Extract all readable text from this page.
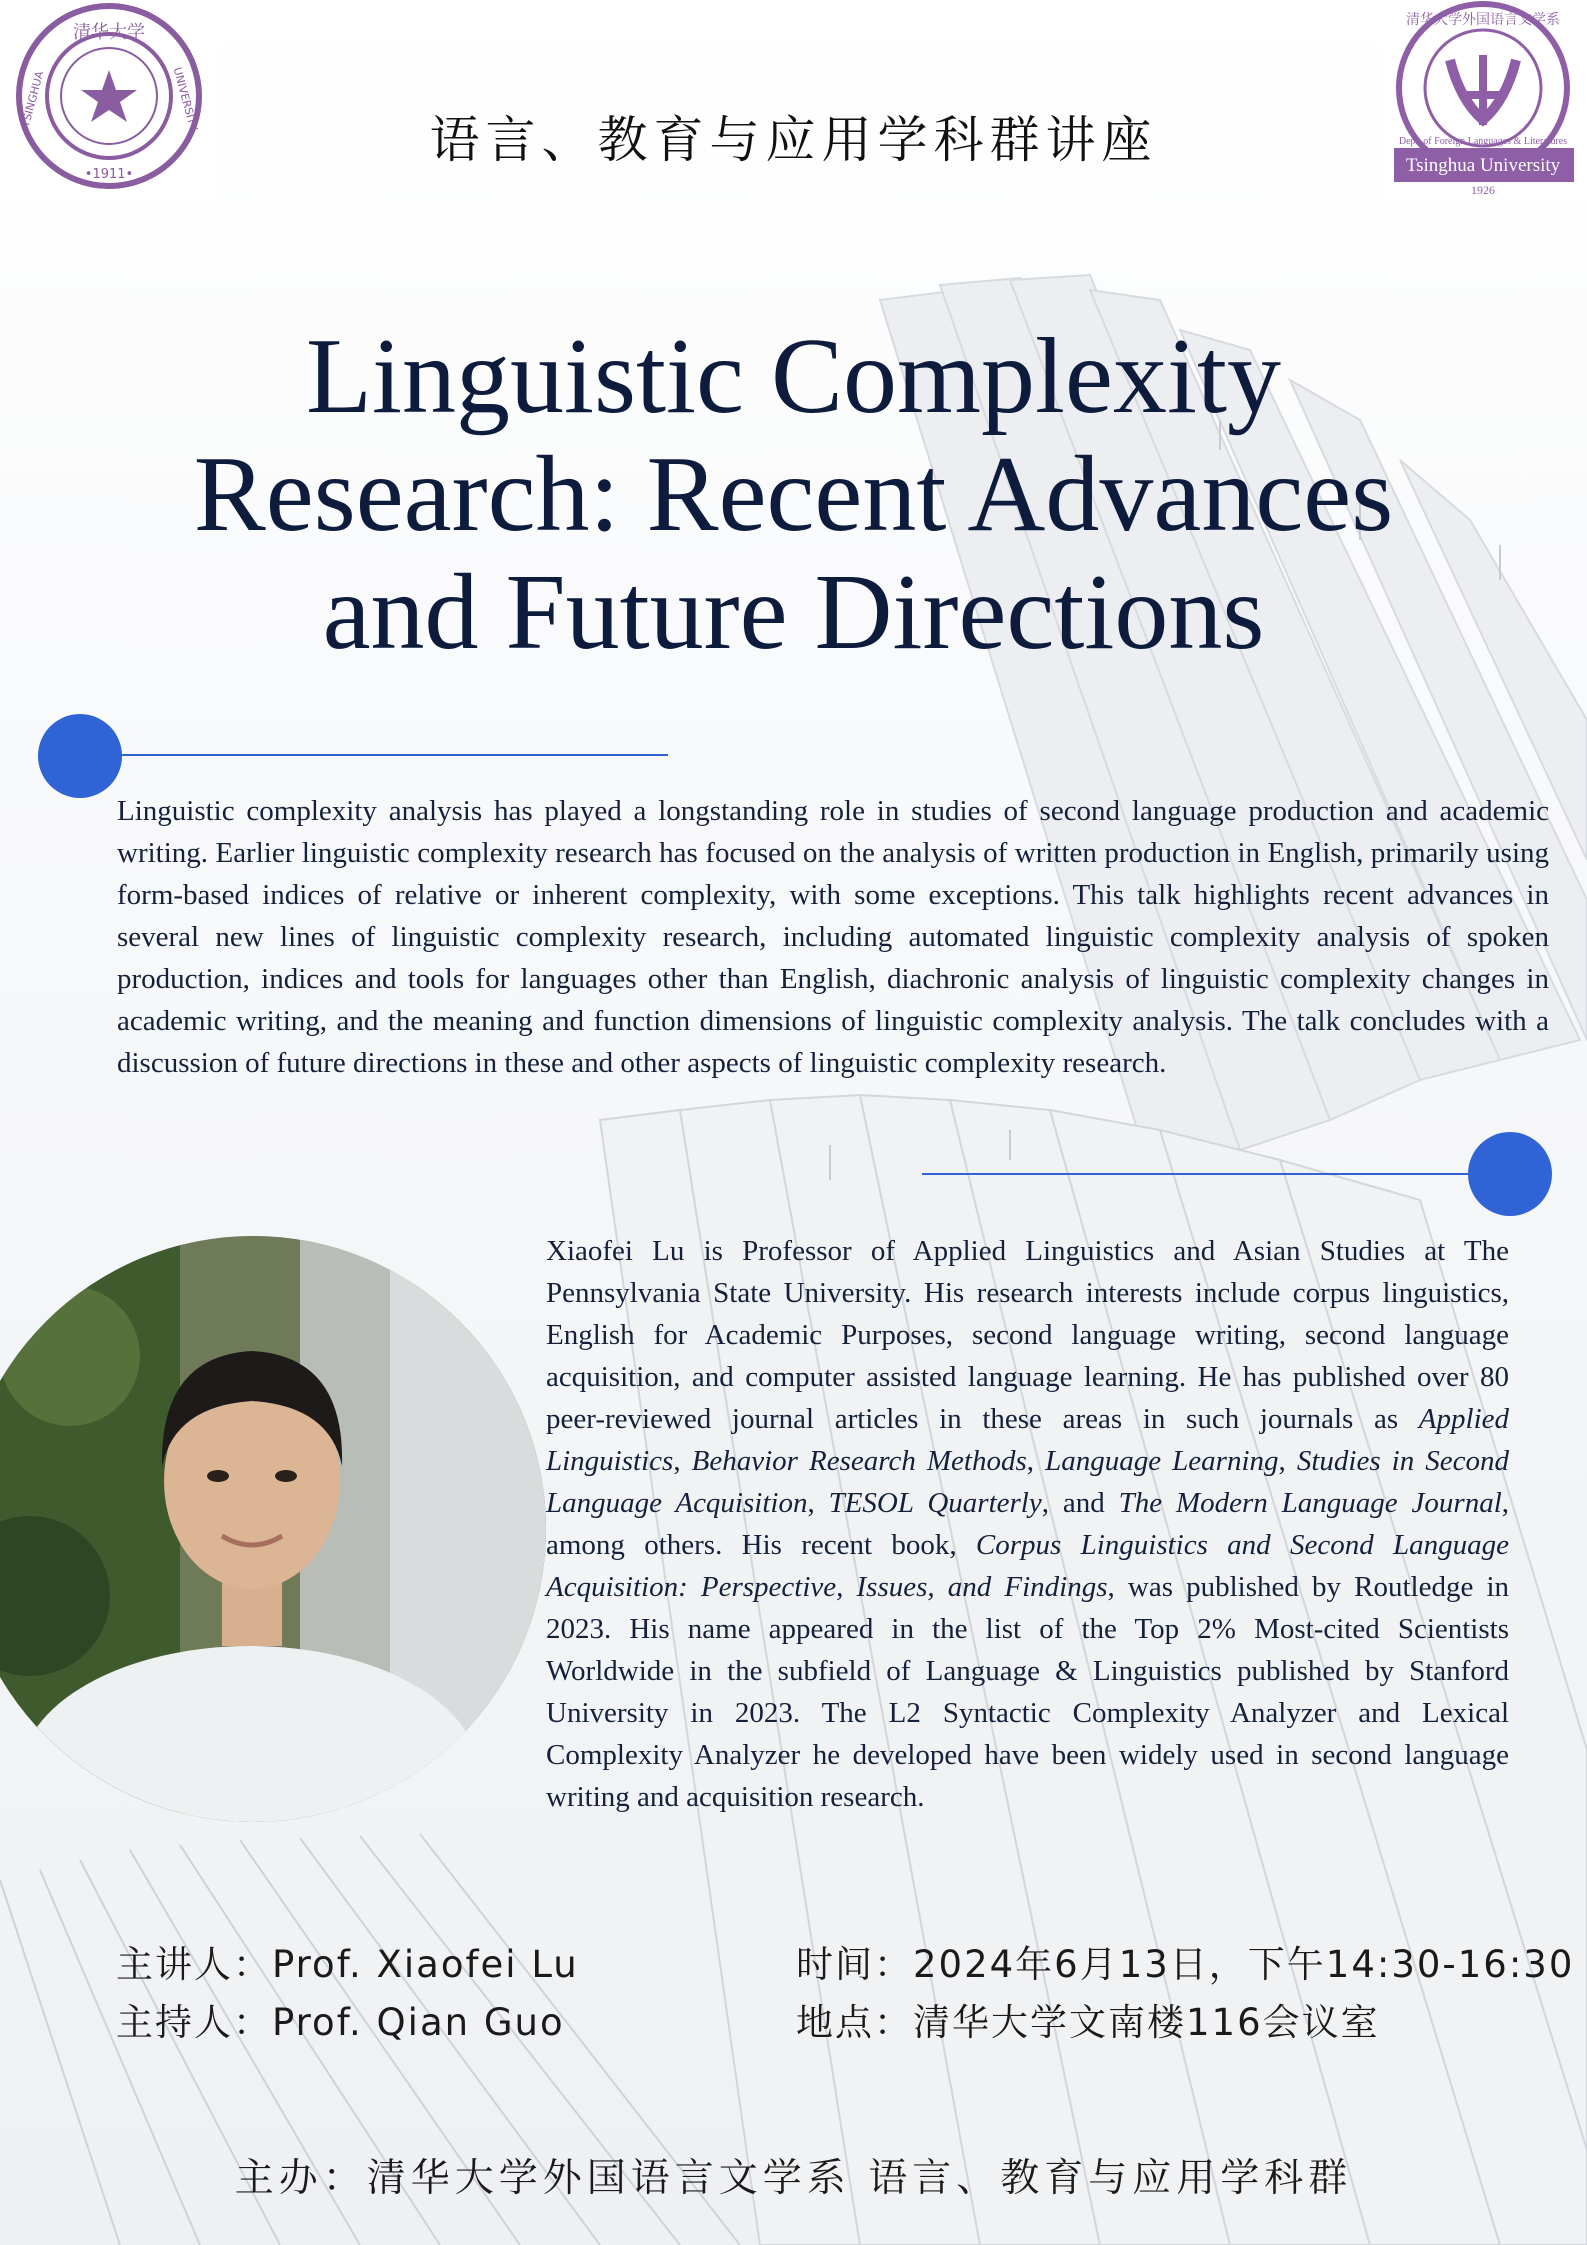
清华大学
•1911•
TSINGHUA	UNIVERSITY
Tsinghua University
1926
清华大学外国语言文学系
Dept. of Foreign Languages & Literatures
语言、教育与应用学科群讲座
Linguistic Complexity
Research: Recent Advances
and Future Directions

Linguistic complexity analysis has played a longstanding role in studies of second language production and academic writing. Earlier linguistic complexity research has focused on the analysis of written production in English, primarily using form-based indices of relative or inherent complexity, with some exceptions. This talk highlights recent advances in several new lines of linguistic complexity research, including automated linguistic complexity analysis of spoken production, indices and tools for languages other than English, diachronic analysis of linguistic complexity changes in academic writing, and the meaning and function dimensions of linguistic complexity analysis. The talk concludes with a discussion of future directions in these and other aspects of linguistic complexity research.

Xiaofei Lu is Professor of Applied Linguistics and Asian Studies at The Pennsylvania State University. His research interests include corpus linguistics, English for Academic Purposes, second language writing, second language acquisition, and computer assisted language learning. He has published over 80 peer-reviewed journal articles in these areas in such journals as Applied Linguistics, Behavior Research Methods, Language Learning, Studies in Second Language Acquisition, TESOL Quarterly, and The Modern Language Journal, among others. His recent book, Corpus Linguistics and Second Language Acquisition: Perspective, Issues, and Findings, was published by Routledge in 2023. His name appeared in the list of the Top 2% Most-cited Scientists Worldwide in the subfield of Language & Linguistics published by Stanford University in 2023. The L2 Syntactic Complexity Analyzer and Lexical Complexity Analyzer he developed have been widely used in second language writing and acquisition research.

主讲人：Prof. Xiaofei Lu
主持人：Prof. Qian Guo
时间：2024年6月13日，下午14:30-16:30
地点：清华大学文南楼116会议室
主办：清华大学外国语言文学系 语言、教育与应用学科群
